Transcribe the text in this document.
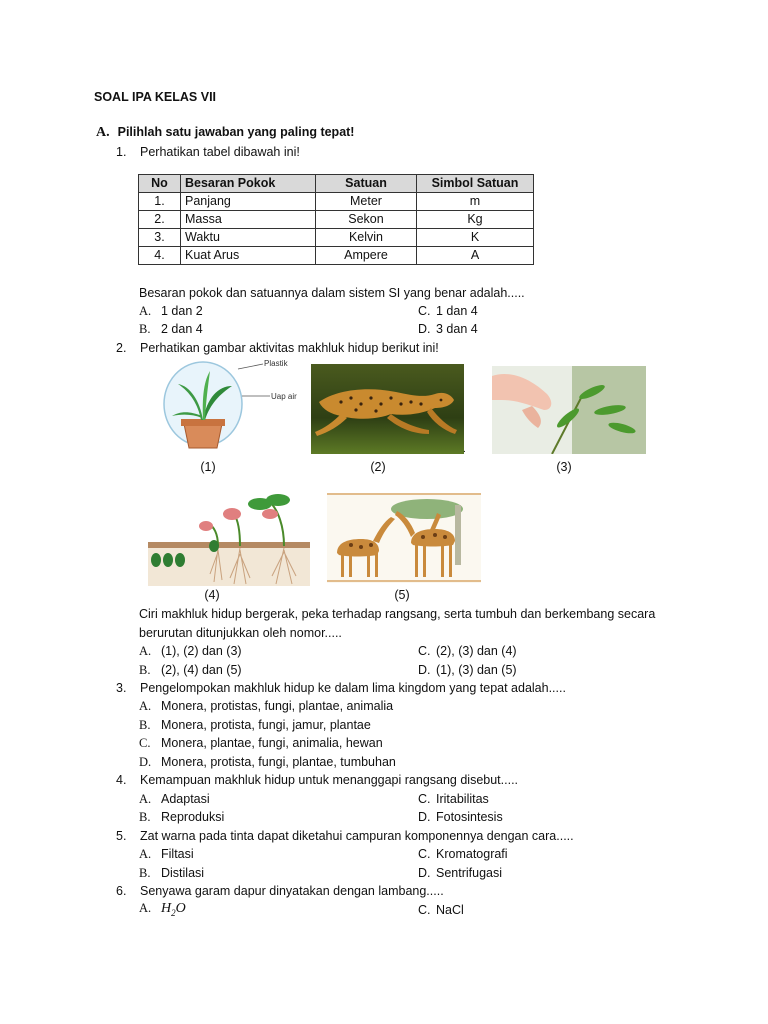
SOAL IPA KELAS VII
A. Pilihlah satu jawaban yang paling tepat!
1. Perhatikan tabel dibawah ini!
No	Besaran Pokok	Satuan	Simbol Satuan
1.	Panjang	Meter	m
2.	Massa	Sekon	Kg
3.	Waktu	Kelvin	K
4.	Kuat Arus	Ampere	A
Besaran pokok dan satuannya dalam sistem SI yang benar adalah.....
A. 1 dan 2
B. 2 dan 4
C. 1 dan 4
D. 3 dan 4
2. Perhatikan gambar aktivitas makhluk hidup berikut ini!
Plastik
Uap air
.
(1)	(2)	(3)
(4)	(5)
Ciri makhluk hidup bergerak, peka terhadap rangsang, serta tumbuh dan berkembang secara
berurutan ditunjukkan oleh nomor.....
A. (1), (2) dan (3)
B. (2), (4) dan (5)
C. (2), (3) dan (4)
D. (1), (3) dan (5)
3. Pengelompokan makhluk hidup ke dalam lima kingdom yang tepat adalah.....
A. Monera, protistas, fungi, plantae, animalia
B. Monera, protista, fungi, jamur, plantae
C. Monera, plantae, fungi, animalia, hewan
D. Monera, protista, fungi, plantae, tumbuhan
4. Kemampuan makhluk hidup untuk menanggapi rangsang disebut.....
A. Adaptasi
B. Reproduksi
C. Iritabilitas
D. Fotosintesis
5. Zat warna pada tinta dapat diketahui campuran komponennya dengan cara.....
A. Filtasi
B. Distilasi
C. Kromatografi
D. Sentrifugasi
6. Senyawa garam dapur dinyatakan dengan lambang.....
A. $H_2O$	C. NaCl
